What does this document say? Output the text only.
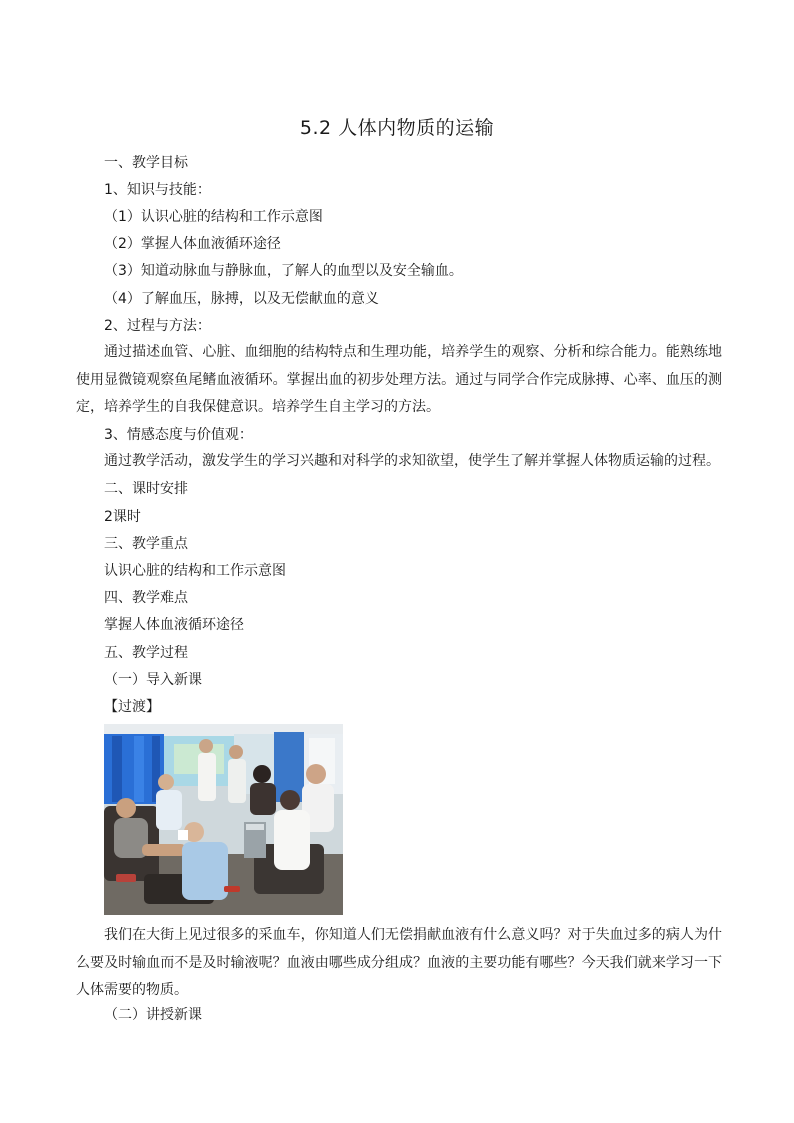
5.2 人体内物质的运输
一、教学目标
1、知识与技能：
（1）认识心脏的结构和工作示意图
（2）掌握人体血液循环途径
（3）知道动脉血与静脉血，了解人的血型以及安全输血。
（4）了解血压，脉搏，以及无偿献血的意义
2、过程与方法：
通过描述血管、心脏、血细胞的结构特点和生理功能，培养学生的观察、分析和综合能力。能熟练地使用显微镜观察鱼尾鳍血液循环。掌握出血的初步处理方法。通过与同学合作完成脉搏、心率、血压的测定，培养学生的自我保健意识。培养学生自主学习的方法。
3、情感态度与价值观：
通过教学活动，激发学生的学习兴趣和对科学的求知欲望，使学生了解并掌握人体物质运输的过程。
二、课时安排
2课时
三、教学重点
认识心脏的结构和工作示意图
四、教学难点
掌握人体血液循环途径
五、教学过程
（一）导入新课
【过渡】
我们在大街上见过很多的采血车，你知道人们无偿捐献血液有什么意义吗？对于失血过多的病人为什么要及时输血而不是及时输液呢？血液由哪些成分组成？血液的主要功能有哪些？今天我们就来学习一下人体需要的物质。
（二）讲授新课
